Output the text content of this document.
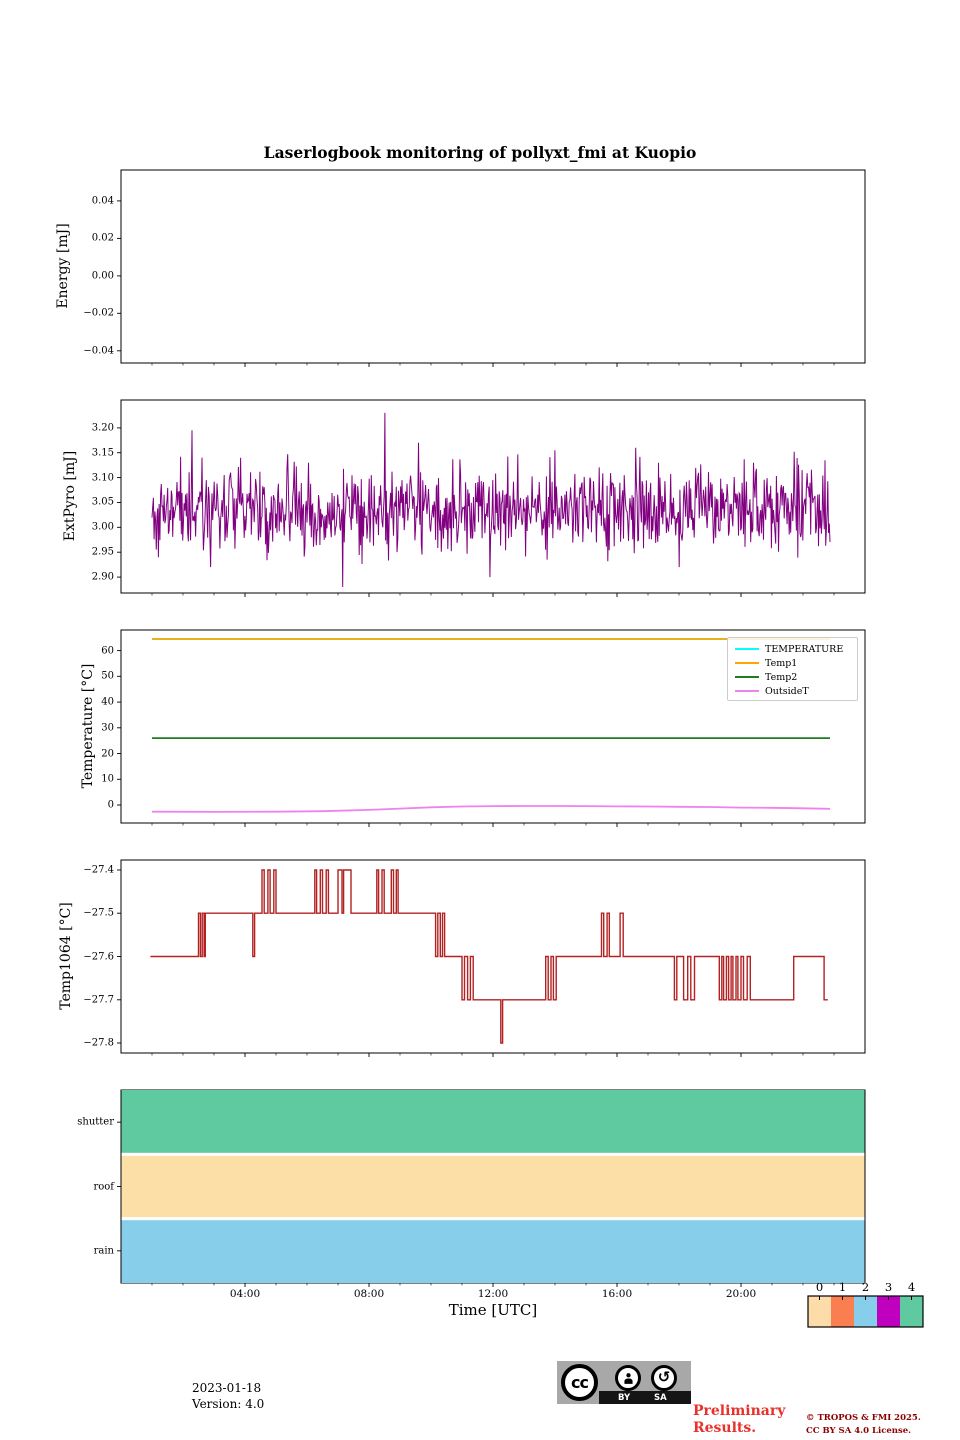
0.04
0.02
0.00
−0.02
−0.04
3.20
3.15
3.10
3.05
3.00
2.95
2.90
60
50
40
30
20
10
0
−27.4
−27.5
−27.6
−27.7
−27.8
04:00	08:00	12:00	16:00	20:00
shutter
roof
rain
0 1 2 3 4
Laserlogbook monitoring of pollyxt_fmi at Kuopio
Energy [mJ]
ExtPyro [mJ]
Temperature [°C]
Temp1064 [°C]
Time [UTC]
TEMPERATURE
Temp1
Temp2
OutsideT
2023-01-18
Version: 4.0
cc	↺
BY	SA
Preliminary
Results.
© TROPOS & FMI 2025.
CC BY SA 4.0 License.
